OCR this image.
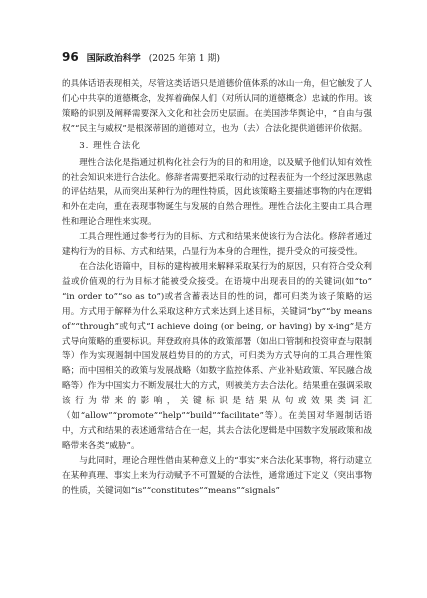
96 国际政治科学 (2025 年第 1 期)

的具体话语表现相关，尽管这类话语只是道德价值体系的冰山一角，但它触发了人们心中共享的道德概念，发挥着确保人们（对所认同的道德概念）忠诚的作用。该策略的识别及阐释需要深入文化和社会历史层面。在美国涉华舆论中，“自由与强权”“民主与威权”是根深蒂固的道德对立，也为（去）合法化提供道德评价依据。

3. 理性合法化

理性合法化是指通过机构化社会行为的目的和用途，以及赋予他们认知有效性的社会知识来进行合法化。修辞者需要把采取行动的过程表征为一个经过深思熟虑的评估结果，从而突出某种行为的理性特质，因此该策略主要描述事物的内在逻辑和外在走向，重在表现事物诞生与发展的自然合理性。理性合法化主要由工具合理性和理论合理性来实现。

工具合理性通过参考行为的目标、方式和结果来使该行为合法化。修辞者通过建构行为的目标、方式和结果，凸显行为本身的合理性，提升受众的可接受性。

在合法化语篇中，目标的建构被用来解释采取某行为的原因，只有符合受众利益或价值观的行为目标才能被受众接受。在语境中出现表目的的关键词(如“to” “in order to”“so as to”)或者含蓄表达目的性的词，都可归类为该子策略的运用。方式用于解释为什么采取这种方式来达到上述目标，关键词“by”“by means of”“through”或句式“I achieve doing (or being, or having) by x-ing”是方式导向策略的重要标识。拜登政府具体的政策部署（如出口管制和投资审查与限制等）作为实现遏制中国发展趋势目的的方式，可归类为方式导向的工具合理性策略；而中国相关的政策与发展战略（如数字监控体系、产业补贴政策、军民融合战略等）作为中国实力不断发展壮大的方式，则被美方去合法化。结果重在强调采取该行为带来的影响，关键标识是结果从句或效果类词汇（如“allow”“promote”“help”“build”“facilitate”等）。在美国对华遏制话语中，方式和结果的表述通常结合在一起，其去合法化逻辑是中国数字发展政策和战略带来各类“威胁”。

与此同时，理论合理性借由某种意义上的“事实”来合法化某事物，将行动建立在某种真理、事实上来为行动赋予不可置疑的合法性，通常通过下定义（突出事物的性质，关键词如“is”“constitutes”“means”“signals”
